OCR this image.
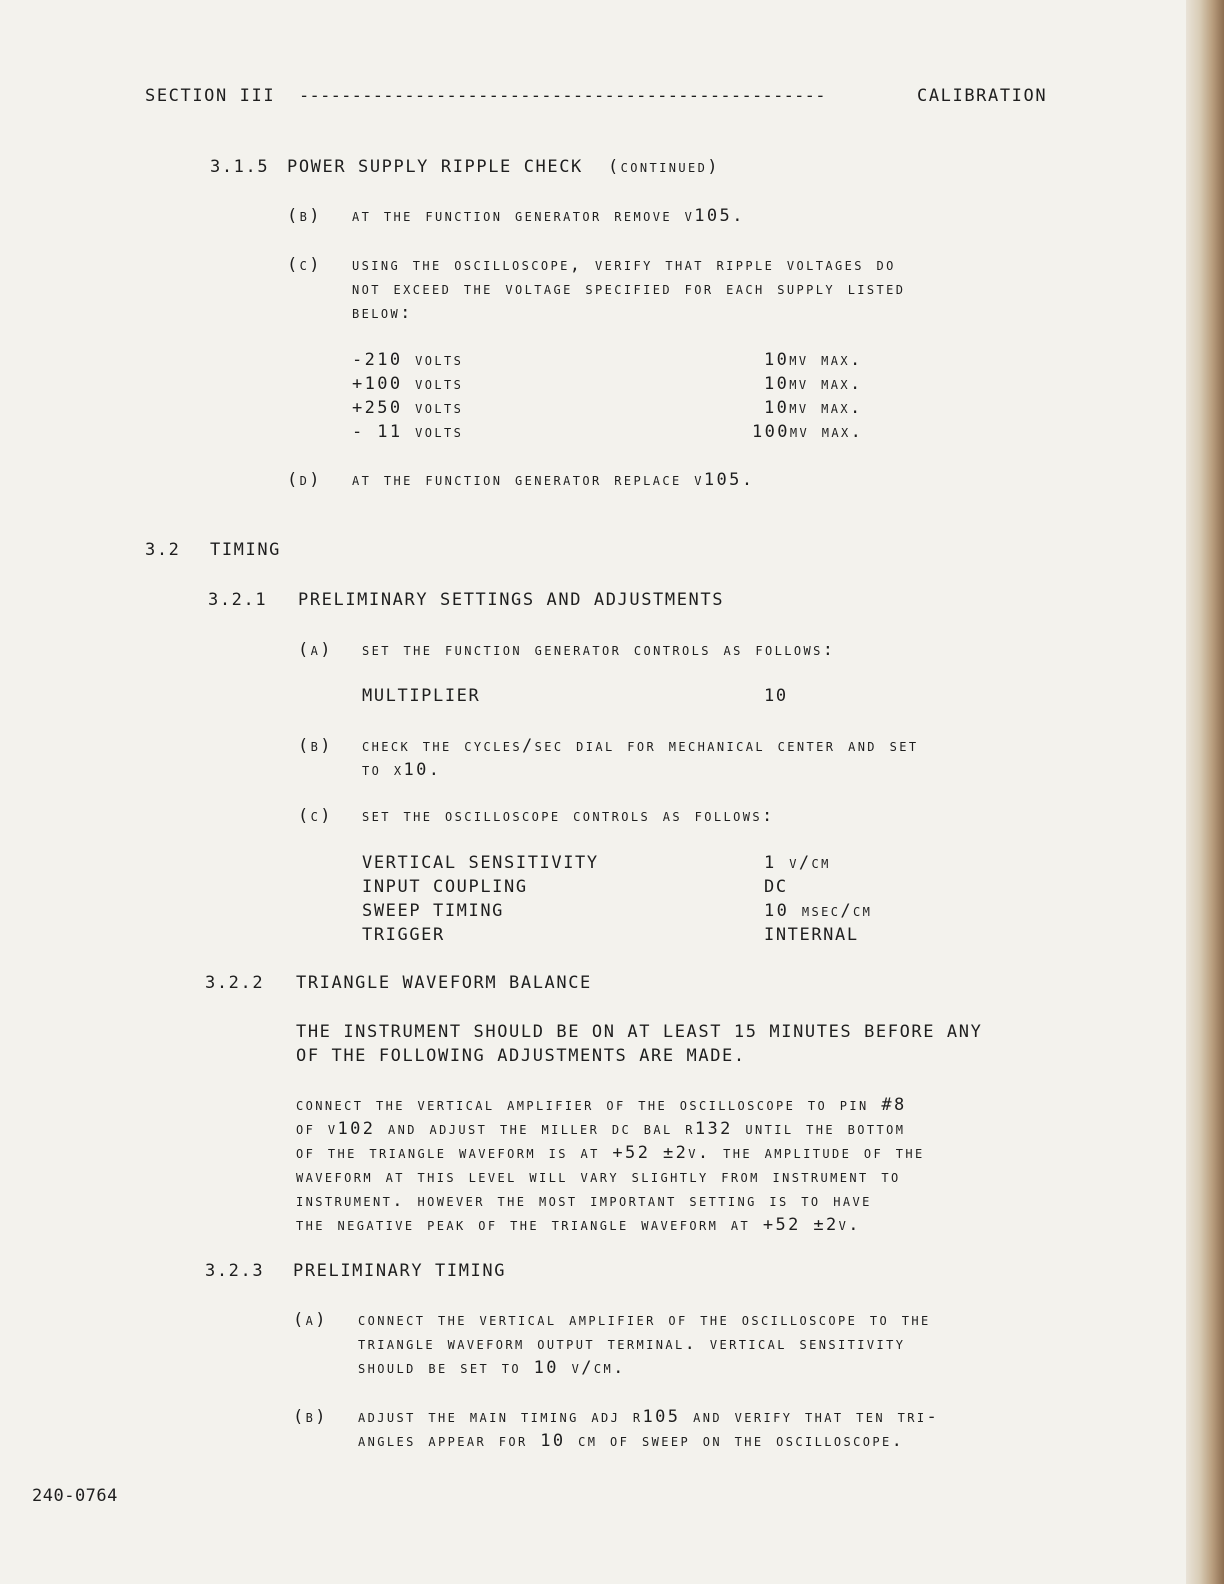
SECTION III --------------------------------------------------	CALIBRATION
3.1.5 POWER SUPPLY RIPPLE CHECK (continued)
(b) at the function generator remove v105.
(c) using the oscilloscope, verify that ripple voltages do
not exceed the voltage specified for each supply listed
below:
-210 volts	10mv max.
+100 volts	10mv max.
+250 volts	10mv max.
- 11 volts	100mv max.
(d) at the function generator replace v105.
3.2 TIMING
3.2.1 PRELIMINARY SETTINGS AND ADJUSTMENTS
(a) set the function generator controls as follows:
MULTIPLIER	10
(b) check the cycles/sec dial for mechanical center and set
to x10.
(c) set the oscilloscope controls as follows:
VERTICAL SENSITIVITY	1 v/cm
INPUT COUPLING	DC
SWEEP TIMING	10 msec/cm
TRIGGER	INTERNAL
3.2.2 TRIANGLE WAVEFORM BALANCE
THE INSTRUMENT SHOULD BE ON AT LEAST 15 MINUTES BEFORE ANY
OF THE FOLLOWING ADJUSTMENTS ARE MADE.
connect the vertical amplifier of the oscilloscope to pin #8
of v102 and adjust the miller dc bal r132 until the bottom
of the triangle waveform is at +52 ±2v. the amplitude of the
waveform at this level will vary slightly from instrument to
instrument. however the most important setting is to have
the negative peak of the triangle waveform at +52 ±2v.
3.2.3 PRELIMINARY TIMING
(a) connect the vertical amplifier of the oscilloscope to the
triangle waveform output terminal. vertical sensitivity
should be set to 10 v/cm.
(b) adjust the main timing adj r105 and verify that ten tri-
angles appear for 10 cm of sweep on the oscilloscope.
240-0764
